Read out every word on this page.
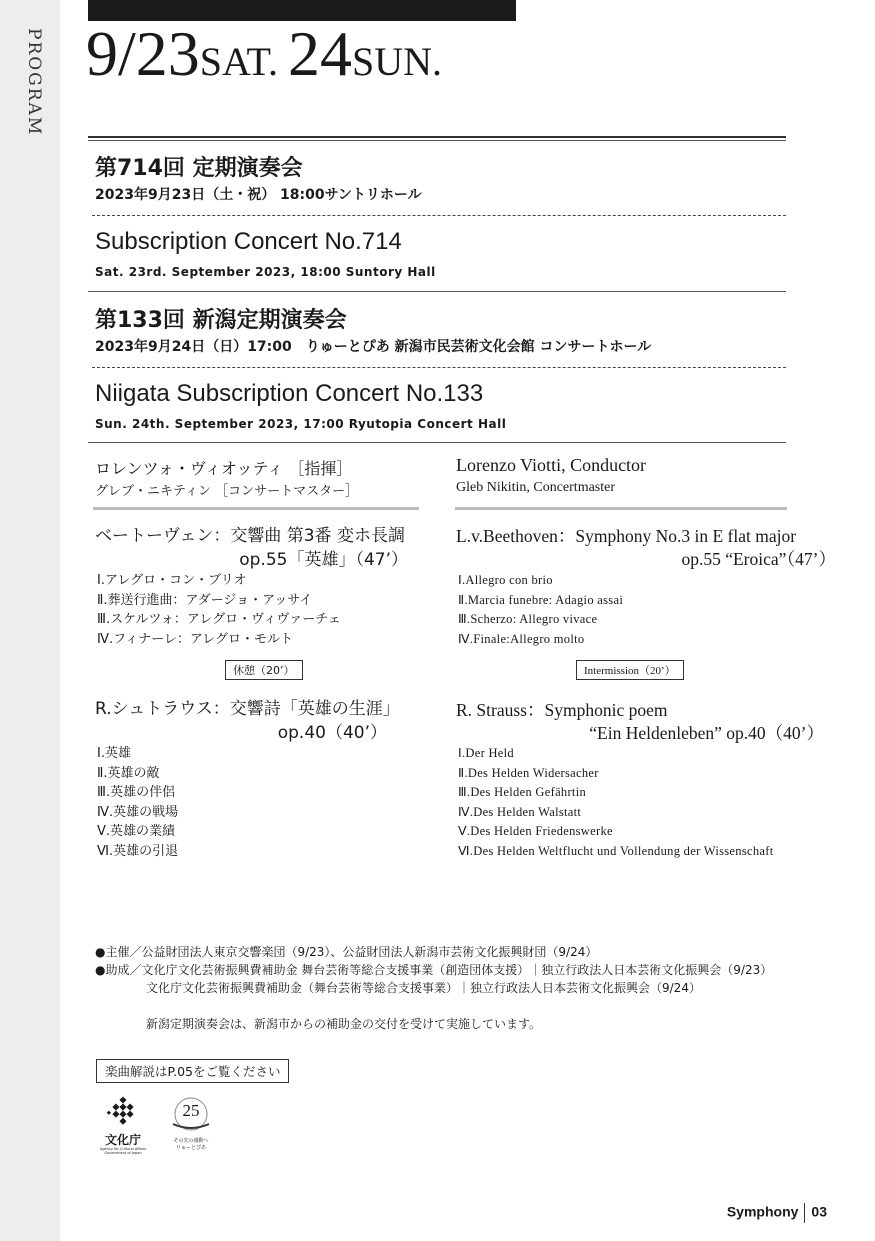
PROGRAM 9/23SAT. 24SUN.
第714回 定期演奏会
2023年9月23日（土・祝） 18:00サントリホール
Subscription Concert No.714
Sat. 23rd. September 2023, 18:00 Suntory Hall
第133回 新潟定期演奏会
2023年9月24日（日）17:00　りゅーとぴあ 新潟市民芸術文化会館 コンサートホール
Niigata Subscription Concert No.133
Sun. 24th. September 2023, 17:00 Ryutopia Concert Hall
ロレンツォ・ヴィオッティ ［指揮］
グレブ・ニキティン ［コンサートマスター］
Lorenzo Viotti, Conductor
Gleb Nikitin, Concertmaster
ベートーヴェン：交響曲 第3番 変ホ長調
op.55「英雄」（47’）
L.v.Beethoven：Symphony No.3 in E flat major
op.55 “Eroica”（47’）
Ⅰ.アレグロ・コン・ブリオ
Ⅱ.葬送行進曲：アダージョ・アッサイ
Ⅲ.スケルツォ：アレグロ・ヴィヴァーチェ
Ⅳ.フィナーレ：アレグロ・モルト
Ⅰ.Allegro con brio
Ⅱ.Marcia funebre: Adagio assai
Ⅲ.Scherzo: Allegro vivace
Ⅳ.Finale:Allegro molto
休憩（20’）	Intermission（20’）
R.シュトラウス：交響詩「英雄の生涯」
op.40（40’）
R. Strauss：Symphonic poem
“Ein Heldenleben” op.40（40’）
Ⅰ.英雄
Ⅱ.英雄の敵
Ⅲ.英雄の伴侶
Ⅳ.英雄の戦場
Ⅴ.英雄の業績
Ⅵ.英雄の引退
Ⅰ.Der Held
Ⅱ.Des Helden Widersacher
Ⅲ.Des Helden Gefährtin
Ⅳ.Des Helden Walstatt
Ⅴ.Des Helden Friedenswerke
Ⅵ.Des Helden Weltflucht und Vollendung der Wissenschaft
●主催／公益財団法人東京交響楽団（9/23）、公益財団法人新潟市芸術文化振興財団（9/24）
●助成／文化庁文化芸術振興費補助金 舞台芸術等総合支援事業（創造団体支援）｜独立行政法人日本芸術文化振興会（9/23）
文化庁文化芸術振興費補助金（舞台芸術等総合支援事業）｜独立行政法人日本芸術文化振興会（9/24）
新潟定期演奏会は、新潟市からの補助金の交付を受けて実施しています。
楽曲解説はP.05をご覧ください
文化庁
Agency for Cultural Affairs
Government of Japan
25
その先の感動へ
りゅーとぴあ
Symphony 03
